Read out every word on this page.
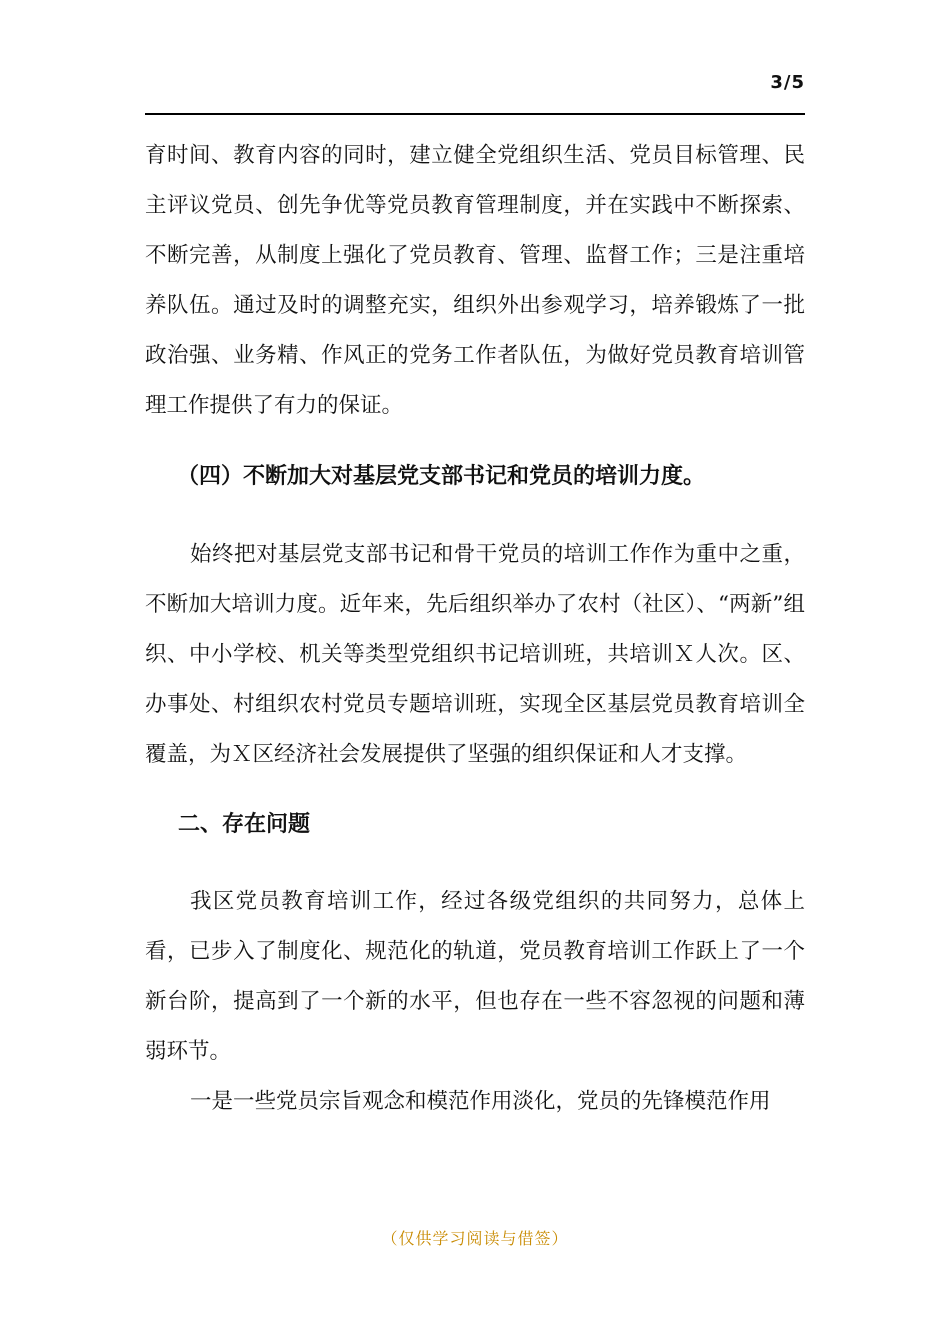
3/5

育时间、教育内容的同时，建立健全党组织生活、党员目标管理、民主评议党员、创先争优等党员教育管理制度，并在实践中不断探索、不断完善，从制度上强化了党员教育、管理、监督工作；三是注重培养队伍。通过及时的调整充实，组织外出参观学习，培养锻炼了一批政治强、业务精、作风正的党务工作者队伍，为做好党员教育培训管理工作提供了有力的保证。

（四）不断加大对基层党支部书记和党员的培训力度。

始终把对基层党支部书记和骨干党员的培训工作作为重中之重，不断加大培训力度。近年来，先后组织举办了农村（社区）、“两新”组织、中小学校、机关等类型党组织书记培训班，共培训Ｘ人次。区、办事处、村组织农村党员专题培训班，实现全区基层党员教育培训全覆盖，为Ｘ区经济社会发展提供了坚强的组织保证和人才支撑。

二、存在问题

我区党员教育培训工作，经过各级党组织的共同努力，总体上看，已步入了制度化、规范化的轨道，党员教育培训工作跃上了一个新台阶，提高到了一个新的水平，但也存在一些不容忽视的问题和薄弱环节。

一是一些党员宗旨观念和模范作用淡化，党员的先锋模范作用

（仅供学习阅读与借签）
